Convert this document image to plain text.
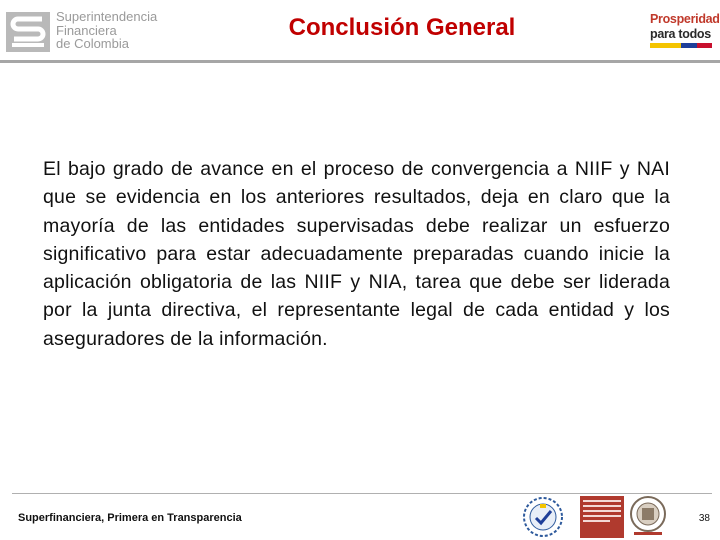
Superintendencia
Financiera
de Colombia
Conclusión General	Prosperidad
para todos
El bajo grado de avance en el proceso de convergencia a NIIF y NAI que se evidencia en los anteriores resultados, deja en claro que la mayoría de las entidades supervisadas debe realizar un esfuerzo significativo para estar adecuadamente preparadas cuando inicie la aplicación obligatoria de las NIIF y NIA, tarea que debe ser liderada por la junta directiva, el representante legal de cada entidad y los aseguradores de la información.
Superfinanciera, Primera en Transparencia	38
